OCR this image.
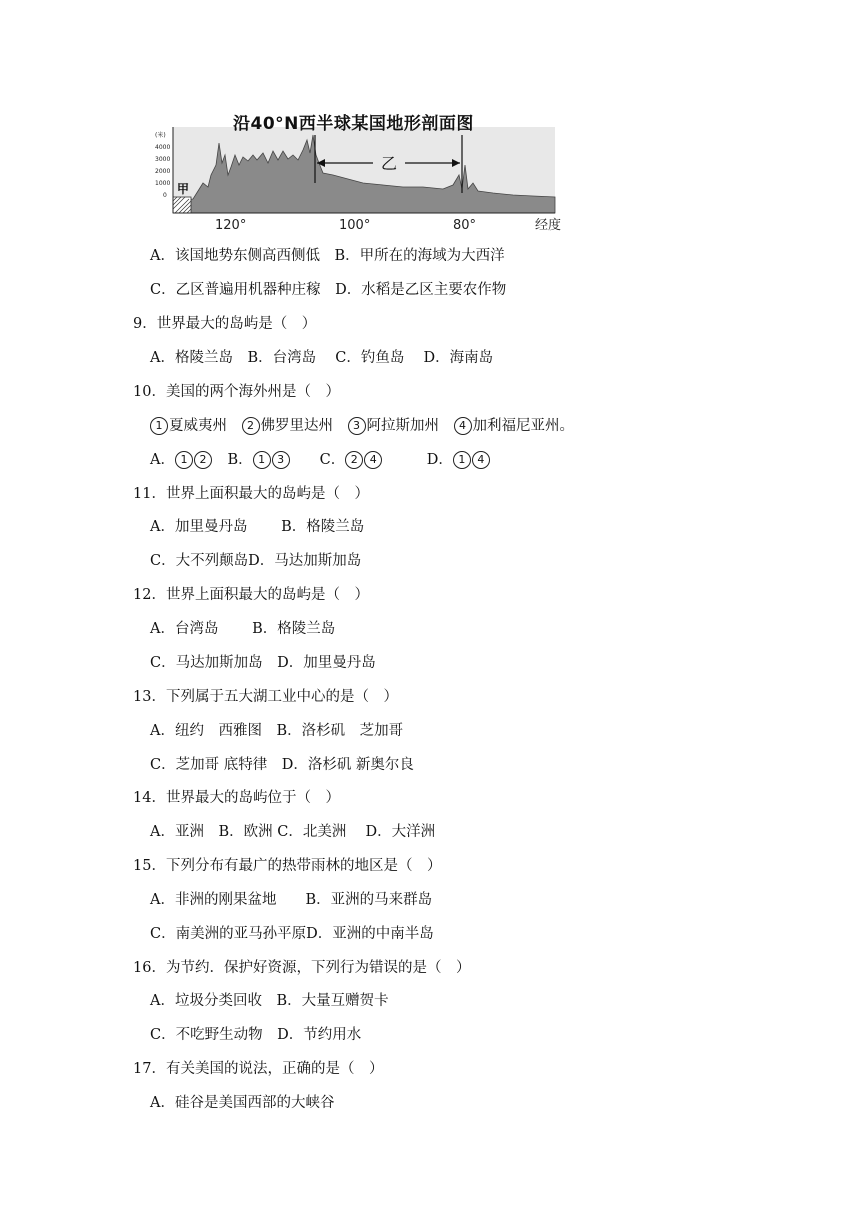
(米)
4000
3000
2000
1000
0
乙
甲
120°	100°	80°	经度
沿40°N西半球某国地形剖面图
A．该国地势东侧高西侧低　B．甲所在的海域为大西洋
C．乙区普遍用机器种庄稼　D．水稻是乙区主要农作物
9．世界最大的岛屿是（　）
A．格陵兰岛　B．台湾岛　 C．钓鱼岛　 D．海南岛
10．美国的两个海外州是（　）
1 夏威夷州　2 佛罗里达州　3 阿拉斯加州　4 加利福尼亚州。
A． 1 2　 B． 1 3　　 C． 2 4　　　	D． 1 4
11．世界上面积最大的岛屿是（　）
A．加里曼丹岛　　 B．格陵兰岛
C．大不列颠岛D．马达加斯加岛
12．世界上面积最大的岛屿是（　）
A．台湾岛　　 B．格陵兰岛
C．马达加斯加岛　D．加里曼丹岛
13．下列属于五大湖工业中心的是（　）
A．纽约　西雅图　B．洛杉矶　芝加哥
C．芝加哥 底特律　D．洛杉矶 新奥尔良
14．世界最大的岛屿位于（　）
A．亚洲　B．欧洲 C．北美洲　 D．大洋洲
15．下列分布有最广的热带雨林的地区是（　）
A．非洲的刚果盆地　　B．亚洲的马来群岛
C．南美洲的亚马孙平原D．亚洲的中南半岛
16．为节约．保护好资源，下列行为错误的是（　）
A．垃圾分类回收　B．大量互赠贺卡
C．不吃野生动物　D．节约用水
17．有关美国的说法，正确的是（　）
A．硅谷是美国西部的大峡谷
